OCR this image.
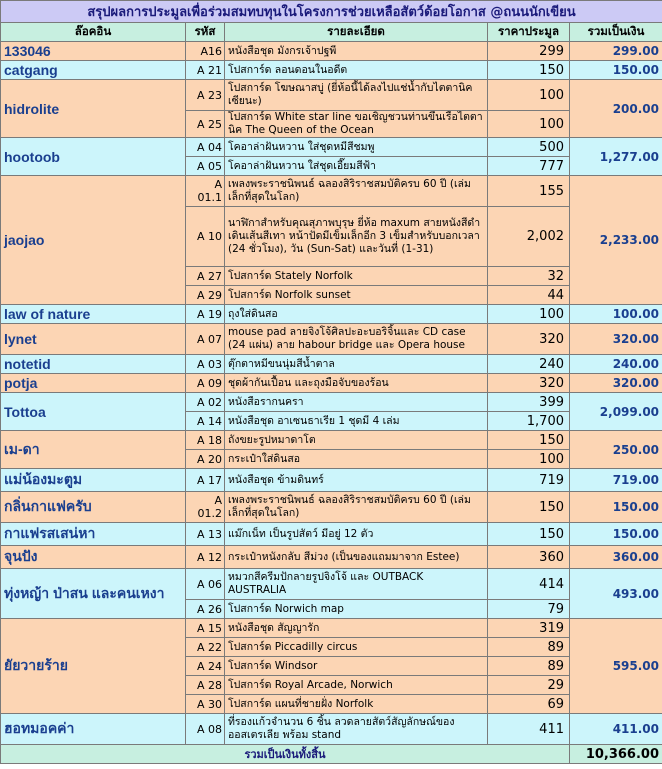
สรุปผลการประมูลเพื่อร่วมสมทบทุนในโครงการช่วยเหลือสัตว์ด้อยโอกาส @ถนนนักเขียน				
ล๊อคอิน	รหัส	รายละเอียด	ราคาประมูล	รวมเป็นเงิน
133046	A16	หนังสือชุด มังกรเจ้าปฐพี	299	299.00
catgang	A 21	โปสการ์ด ลอนดอนในอดีต	150	150.00
hidrolite	A 23	โปสการ์ด โฆษณาสบู่ (ยี่ห้อนี้ได้ลงไปแช่น้ำกับไตตานิคเซียนะ)	100	200.00
	A 25	โปสการ์ด White star line ขอเชิญชวนท่านขึ้นเรือไตตานิค The Queen of the Ocean	100	
hootoob	A 04	โคอาล่าฝันหวาน ใส่ชุดหมีสีชมพู	500	1,277.00
	A 05	โคอาล่าฝันหวาน ใส่ชุดเอี๊ยมสีฟ้า	777	
jaojao	A 01.1	เพลงพระราชนิพนธ์ ฉลองสิริราชสมบัติครบ 60 ปี (เล่มเล็กที่สุดในโลก)	155	2,233.00
	A 10	นาฬิกาสำหรับคุณสุภาพบุรุษ ยี่ห้อ maxum สายหนังสีดำ เดินเส้นสีเทา หน้าปัดมีเข็มเล็กอีก 3 เข็มสำหรับบอกเวลา (24 ชั่วโมง), วัน (Sun-Sat) และวันที่ (1-31)	2,002	
	A 27	โปสการ์ด Stately Norfolk	32	
	A 29	โปสการ์ด Norfolk sunset	44	
law of nature	A 19	ถุงใส่ดินสอ	100	100.00
lynet	A 07	mouse pad ลายจิงโจ้ศิลปะอะบอริจิ้นและ CD case (24 แผ่น) ลาย habour bridge และ Opera house	320	320.00
notetid	A 03	ตุ๊กตาหมีขนนุ่มสีน้ำตาล	240	240.00
potja	A 09	ชุดผ้ากันเปื้อน และถุงมือจับของร้อน	320	320.00
Tottoa	A 02	หนังสือรากนครา	399	2,099.00
	A 14	หนังสือชุด อาเซนธาเรีย 1 ชุดมี 4 เล่ม	1,700	
เม-ดา	A 18	ถังขยะรูปหมาดาโต	150	250.00
	A 20	กระเป๋าใส่ดินสอ	100	
แม่น้องมะตูม	A 17	หนังสือชุด ข้ามดินทร์	719	719.00
กลิ่นกาแฟครับ	A 01.2	เพลงพระราชนิพนธ์ ฉลองสิริราชสมบัติครบ 60 ปี (เล่มเล็กที่สุดในโลก)	150	150.00
กาแฟรสเสน่หา	A 13	แม๊กเน็ท เป็นรูปสัตว์ มีอยู่ 12 ตัว	150	150.00
จุนปัง	A 12	กระเป๋าหนังกลับ สีม่วง (เป็นของแถมมาจาก Estee)	360	360.00
ทุ่งหญ้า ป่าสน และคนเหงา	A 06	หมวกสีครีมปักลายรูปจิงโจ้ และ OUTBACK AUSTRALIA	414	493.00
	A 26	โปสการ์ด Norwich map	79	
ยัยวายร้าย	A 15	หนังสือชุด สัญญารัก	319	595.00
	A 22	โปสการ์ด Piccadilly circus	89	
	A 24	โปสการ์ด Windsor	89	
	A 28	โปสการ์ด Royal Arcade, Norwich	29	
	A 30	โปสการ์ด แผนที่ชายฝั่ง Norfolk	69	
ฮอทมอคค่า	A 08	ที่รองแก้วจำนวน 6 ชิ้น ลวดลายสัตว์สัญลักษณ์ของออสเตรเลีย พร้อม stand	411	411.00
รวมเป็นเงินทั้งสิ้น				10,366.00
